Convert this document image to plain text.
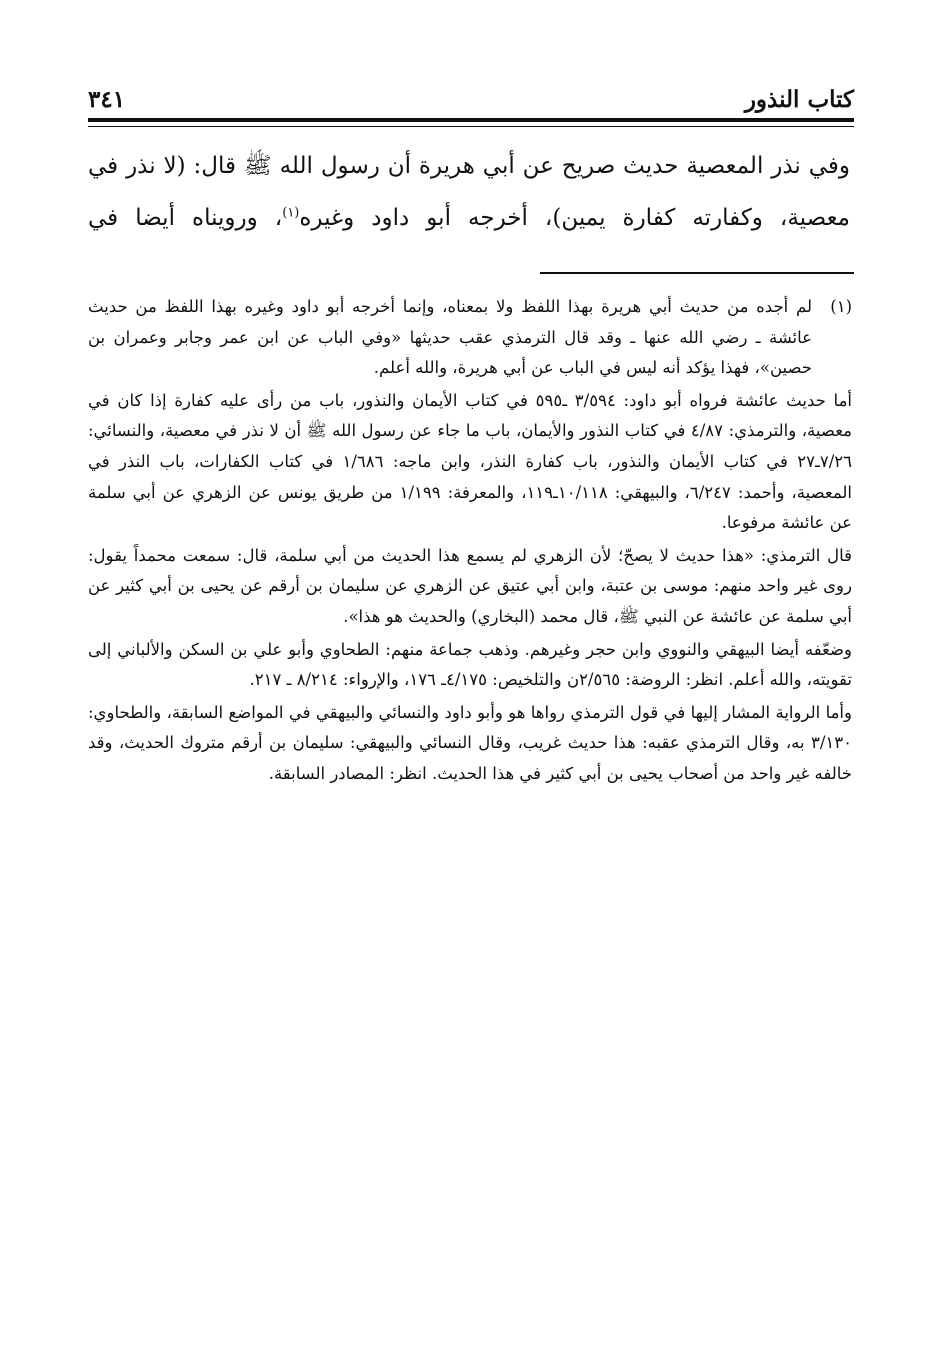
كتاب النذور
٣٤١

وفي نذر المعصية حديث صريح عن أبي هريرة أن رسول الله ﷺ قال: (لا نذر في معصية، وكفارته كفارة يمين)، أخرجه أبو داود وغيره$^{(١)}$، ورويناه أيضا في

(١)لم أجده من حديث أبي هريرة بهذا اللفظ ولا بمعناه، وإنما أخرجه أبو داود وغيره بهذا اللفظ من حديث عائشة ـ رضي الله عنها ـ وقد قال الترمذي عقب حديثها «وفي الباب عن ابن عمر وجابر وعمران بن حصين»، فهذا يؤكد أنه ليس في الباب عن أبي هريرة، والله أعلم.

أما حديث عائشة فرواه أبو داود: ٣/٥٩٤ ـ٥٩٥ في كتاب الأيمان والنذور، باب من رأى عليه كفارة إذا كان في معصية، والترمذي: ٤/٨٧ في كتاب النذور والأيمان، باب ما جاء عن رسول الله ﷺ أن لا نذر في معصية، والنسائي: ٧/٢٦ـ٢٧ في كتاب الأيمان والنذور، باب كفارة النذر، وابن ماجه: ١/٦٨٦ في كتاب الكفارات، باب النذر في المعصية، وأحمد: ٦/٢٤٧، والبيهقي: ١٠/١١٨ـ١١٩، والمعرفة: ١/١٩٩ من طريق يونس عن الزهري عن أبي سلمة عن عائشة مرفوعا.

قال الترمذي: «هذا حديث لا يصحّ؛ لأن الزهري لم يسمع هذا الحديث من أبي سلمة، قال: سمعت محمداً يقول: روى غير واحد منهم: موسى بن عتبة، وابن أبي عتيق عن الزهري عن سليمان بن أرقم عن يحيى بن أبي كثير عن أبي سلمة عن عائشة عن النبي ﷺ، قال محمد (البخاري) والحديث هو هذا».

وضعّفه أيضا البيهقي والنووي وابن حجر وغيرهم. وذهب جماعة منهم: الطحاوي وأبو علي بن السكن والألباني إلى تقويته، والله أعلم. انظر: الروضة: ٢/٥٦٥ن والتلخيص: ٤/١٧٥ـ ١٧٦، والإرواء: ٨/٢١٤ ـ ٢١٧.

وأما الرواية المشار إليها في قول الترمذي رواها هو وأبو داود والنسائي والبيهقي في المواضع السابقة، والطحاوي: ٣/١٣٠ به، وقال الترمذي عقبه: هذا حديث غريب، وقال النسائي والبيهقي: سليمان بن أرقم متروك الحديث، وقد خالفه غير واحد من أصحاب يحيى بن أبي كثير في هذا الحديث. انظر: المصادر السابقة.
